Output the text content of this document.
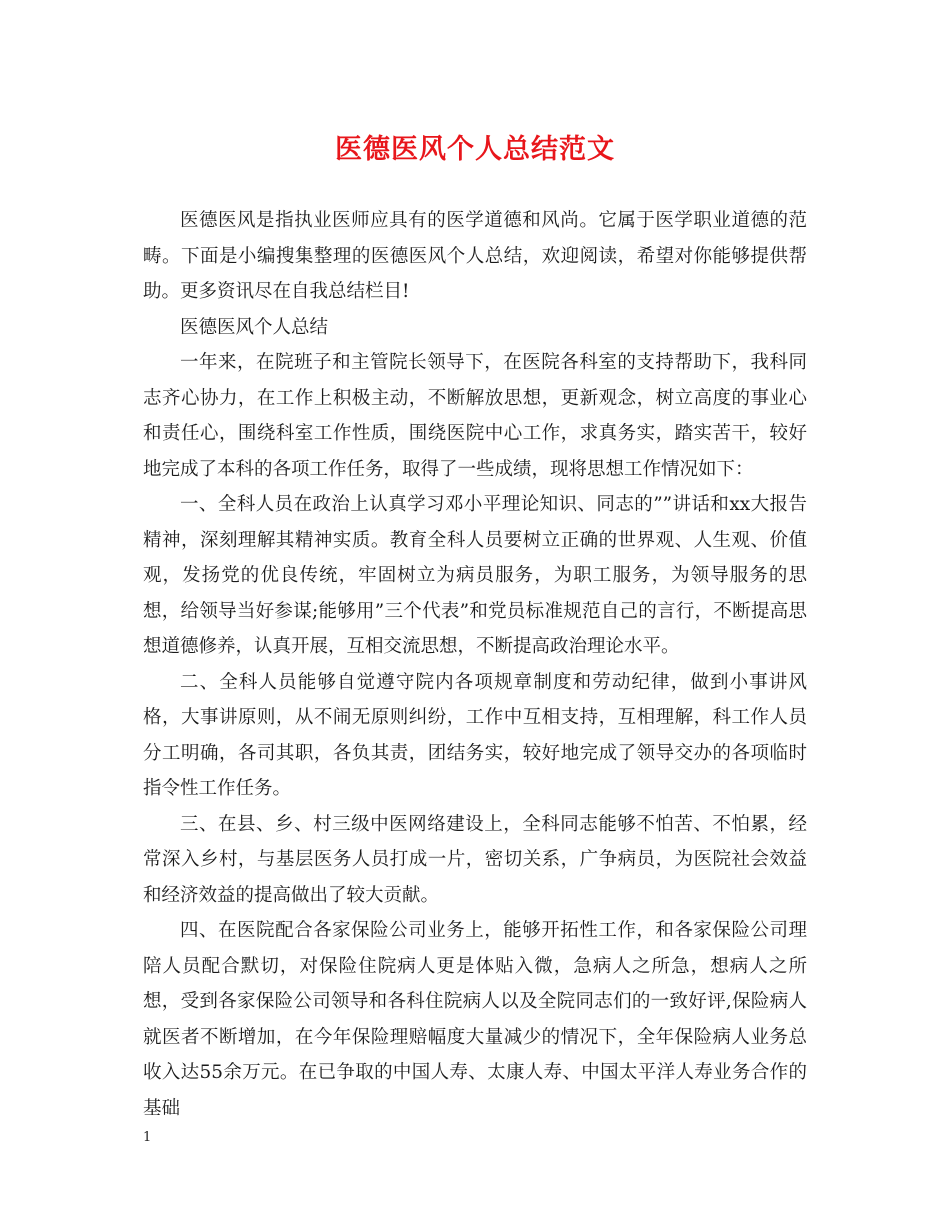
医德医风个人总结范文

医德医风是指执业医师应具有的医学道德和风尚。它属于医学职业道德的范畴。下面是小编搜集整理的医德医风个人总结，欢迎阅读，希望对你能够提供帮助。更多资讯尽在自我总结栏目!

医德医风个人总结

一年来，在院班子和主管院长领导下，在医院各科室的支持帮助下，我科同志齐心协力，在工作上积极主动，不断解放思想，更新观念，树立高度的事业心和责任心，围绕科室工作性质，围绕医院中心工作，求真务实，踏实苦干，较好地完成了本科的各项工作任务，取得了一些成绩，现将思想工作情况如下：

一、全科人员在政治上认真学习邓小平理论知识、同志的””讲话和xx大报告精神，深刻理解其精神实质。教育全科人员要树立正确的世界观、人生观、价值观，发扬党的优良传统，牢固树立为病员服务，为职工服务，为领导服务的思想，给领导当好参谋;能够用”三个代表”和党员标准规范自己的言行，不断提高思想道德修养，认真开展，互相交流思想，不断提高政治理论水平。

二、全科人员能够自觉遵守院内各项规章制度和劳动纪律，做到小事讲风格，大事讲原则，从不闹无原则纠纷，工作中互相支持，互相理解，科工作人员分工明确，各司其职，各负其责，团结务实，较好地完成了领导交办的各项临时指令性工作任务。

三、在县、乡、村三级中医网络建设上，全科同志能够不怕苦、不怕累，经常深入乡村，与基层医务人员打成一片，密切关系，广争病员，为医院社会效益和经济效益的提高做出了较大贡献。

四、在医院配合各家保险公司业务上，能够开拓性工作，和各家保险公司理陪人员配合默切，对保险住院病人更是体贴入微，急病人之所急，想病人之所想，受到各家保险公司领导和各科住院病人以及全院同志们的一致好评,保险病人就医者不断增加，在今年保险理赔幅度大量减少的情况下，全年保险病人业务总收入达55余万元。在已争取的中国人寿、太康人寿、中国太平洋人寿业务合作的基础

1
